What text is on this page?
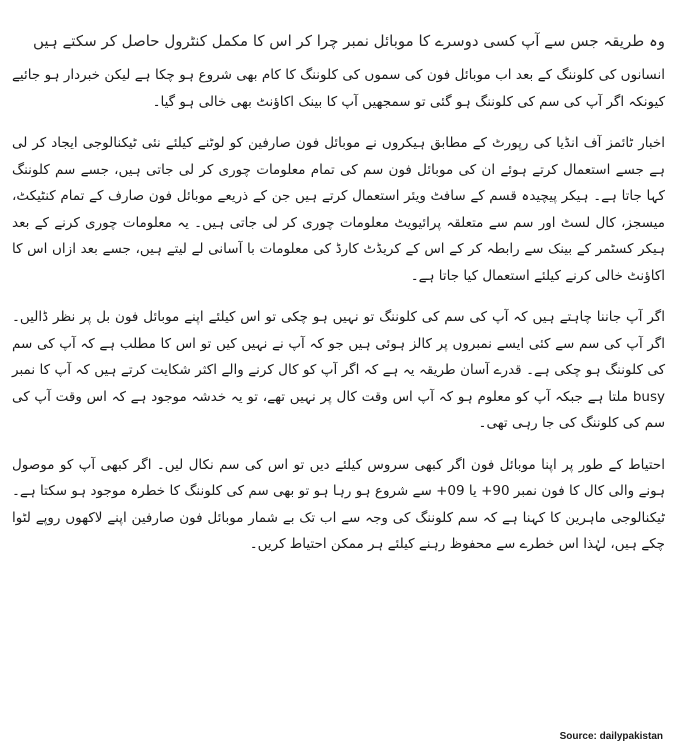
وہ طریقہ جس سے آپ کسی دوسرے کا موبائل نمبر چرا کر اس کا مکمل کنٹرول حاصل کر سکتے ہیں

انسانوں کی کلوننگ کے بعد اب موبائل فون کی سموں کی کلوننگ کا کام بھی شروع ہو چکا ہے لیکن خبردار ہو جائیے کیونکہ اگر آپ کی سم کی کلوننگ ہو گئی تو سمجھیں آپ کا بینک اکاؤنٹ بھی خالی ہو گیا۔

اخبار ٹائمز آف انڈیا کی رپورٹ کے مطابق ہیکروں نے موبائل فون صارفین کو لوٹنے کیلئے نئی ٹیکنالوجی ایجاد کر لی ہے جسے استعمال کرتے ہوئے ان کی موبائل فون سم کی تمام معلومات چوری کر لی جاتی ہیں، جسے سم کلوننگ کہا جاتا ہے۔ ہیکر پیچیدہ قسم کے سافٹ ویئر استعمال کرتے ہیں جن کے ذریعے موبائل فون صارف کے تمام کنٹیکٹ، میسجز، کال لسٹ اور سم سے متعلقہ پرائیویٹ معلومات چوری کر لی جاتی ہیں۔ یہ معلومات چوری کرنے کے بعد ہیکر کسٹمر کے بینک سے رابطہ کر کے اس کے کریڈٹ کارڈ کی معلومات با آسانی لے لیتے ہیں، جسے بعد ازاں اس کا اکاؤنٹ خالی کرنے کیلئے استعمال کیا جاتا ہے۔

اگر آپ جاننا چاہتے ہیں کہ آپ کی سم کی کلوننگ تو نہیں ہو چکی تو اس کیلئے اپنے موبائل فون بل پر نظر ڈالیں۔ اگر آپ کی سم سے کئی ایسے نمبروں پر کالز ہوئی ہیں جو کہ آپ نے نہیں کیں تو اس کا مطلب ہے کہ آپ کی سم کی کلوننگ ہو چکی ہے۔ قدرے آسان طریقہ یہ ہے کہ اگر آپ کو کال کرنے والے اکثر شکایت کرتے ہیں کہ آپ کا نمبر busy ملتا ہے جبکہ آپ کو معلوم ہو کہ آپ اس وقت کال پر نہیں تھے، تو یہ خدشہ موجود ہے کہ اس وقت آپ کی سم کی کلوننگ کی جا رہی تھی۔

احتیاط کے طور پر اپنا موبائل فون اگر کبھی سروس کیلئے دیں تو اس کی سم نکال لیں۔ اگر کبھی آپ کو موصول ہونے والی کال کا فون نمبر 90+ یا 09+ سے شروع ہو رہا ہو تو بھی سم کی کلوننگ کا خطرہ موجود ہو سکتا ہے۔ ٹیکنالوجی ماہرین کا کہنا ہے کہ سم کلوننگ کی وجہ سے اب تک بے شمار موبائل فون صارفین اپنے لاکھوں روپے لٹوا چکے ہیں، لہٰذا اس خطرے سے محفوظ رہنے کیلئے ہر ممکن احتیاط کریں۔

Source: dailypakistan
